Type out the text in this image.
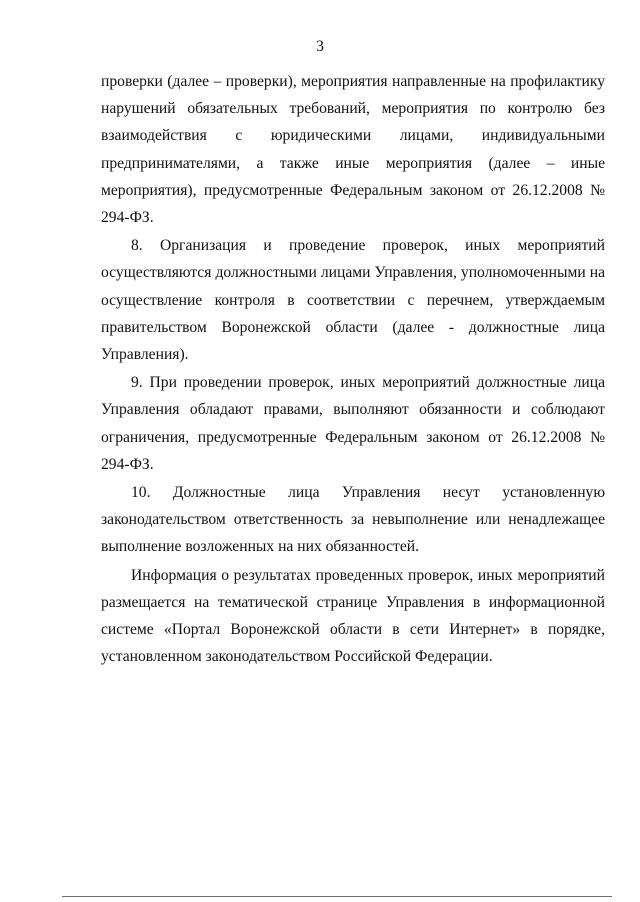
3

проверки (далее – проверки), мероприятия направленные на профилактику нарушений обязательных требований, мероприятия по контролю без взаимодействия с юридическими лицами, индивидуальными предпринимателями, а также иные мероприятия (далее – иные мероприятия), предусмотренные Федеральным законом от 26.12.2008 № 294-ФЗ.

8. Организация и проведение проверок, иных мероприятий осуществляются должностными лицами Управления, уполномоченными на осуществление контроля в соответствии с перечнем, утверждаемым правительством Воронежской области (далее - должностные лица Управления).

9. При проведении проверок, иных мероприятий должностные лица Управления обладают правами, выполняют обязанности и соблюдают ограничения, предусмотренные Федеральным законом от 26.12.2008 № 294-ФЗ.

10. Должностные лица Управления несут установленную законодательством ответственность за невыполнение или ненадлежащее выполнение возложенных на них обязанностей.

Информация о результатах проведенных проверок, иных мероприятий размещается на тематической странице Управления в информационной системе «Портал Воронежской области в сети Интернет» в порядке, установленном законодательством Российской Федерации.
